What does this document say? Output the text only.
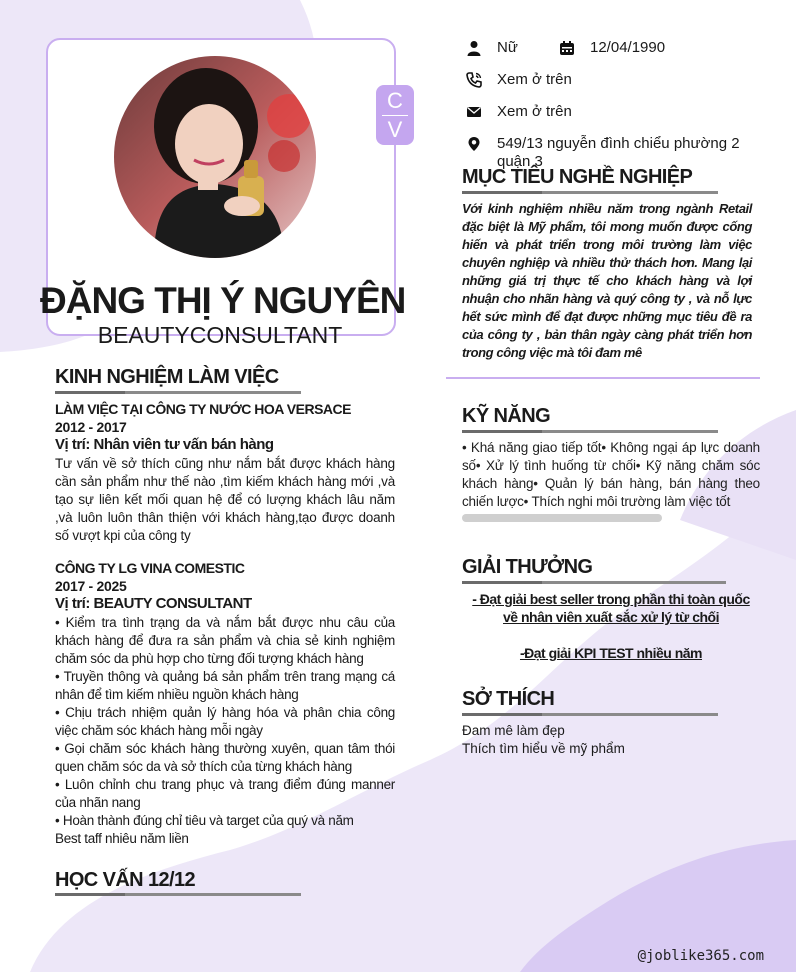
C
V
ĐẶNG THỊ Ý NGUYÊN
BEAUTYCONSULTANT
Nữ	12/04/1990
Xem ở trên
Xem ở trên
549/13 nguyễn đình chiểu phường 2 quận 3
MỤC TIÊU NGHỀ NGHIỆP
Với kinh nghiệm nhiều năm trong ngành Retail đặc biệt là Mỹ phẩm, tôi mong muốn được cống hiến và phát triển trong môi trường làm việc chuyên nghiệp và nhiều thử thách hơn. Mang lại những giá trị thực tế cho khách hàng và lợi nhuận cho nhãn hàng và quý công ty , và nỗ lực hết sức mình để đạt được những mục tiêu đề ra của công ty , bản thân ngày càng phát triển hơn trong công việc mà tôi đam mê
KỸ NĂNG
• Khá năng giao tiếp tốt• Không ngại áp lực doanh số• Xử lý tình huống từ chối• Kỹ năng chăm sóc khách hàng• Quản lý bán hàng, bán hàng theo chiến lược• Thích nghi môi trường làm việc tốt
GIẢI THƯỞNG
- Đạt giải best seller trong phần thi toàn quốc về nhân viên xuất sắc xử lý từ chối
-Đạt giải KPI TEST nhiều năm
SỞ THÍCH
Đam mê làm đẹp
Thích tìm hiểu về mỹ phẩm
KINH NGHIỆM LÀM VIỆC
LÀM VIỆC TẠI CÔNG TY NƯỚC HOA VERSACE
2012 - 2017
Vị trí: Nhân viên tư vấn bán hàng
Tư vấn về sở thích cũng như nắm bắt được khách hàng cần sản phẩm như thế nào ,tìm kiếm khách hàng mới ,và tạo sự liên kết mối quan hệ để có lượng khách lâu năm ,và luôn luôn thân thiện với khách hàng,tạo được doanh số vượt kpi của công ty
CÔNG TY LG VINA COMESTIC
2017 - 2025
Vị trí: BEAUTY CONSULTANT
• Kiểm tra tình trạng da và nắm bắt được nhu câu của khách hàng để đưa ra sản phẩm và chia sẻ kinh nghiệm chăm sóc da phù hợp cho từng đối tượng khách hàng
• Truyền thông và quảng bá sản phẩm trên trang mạng cá nhân để tìm kiếm nhiều nguồn khách hàng
• Chịu trách nhiệm quản lý hàng hóa và phân chia công việc chăm sóc khách hàng mỗi ngày
• Gọi chăm sóc khách hàng thường xuyên, quan tâm thói quen chăm sóc da và sở thích của từng khách hàng
• Luôn chỉnh chu trang phục và trang điểm đúng manner của nhãn nang
• Hoàn thành đúng chỉ tiêu và target của quý và năm
Best taff nhiêu năm liền
HỌC VẤN 12/12
@joblike365.com
